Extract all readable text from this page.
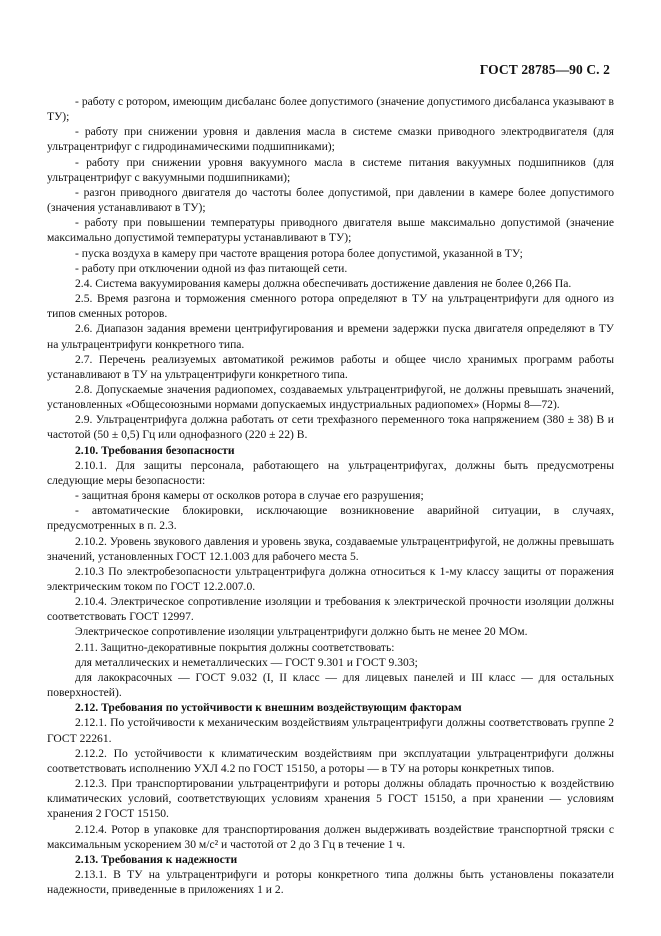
ГОСТ 28785—90 С. 2

- работу с ротором, имеющим дисбаланс более допустимого (значение допустимого дисбаланса указывают в ТУ);

- работу при снижении уровня и давления масла в системе смазки приводного электродвигателя (для ультрацентрифуг с гидродинамическими подшипниками);

- работу при снижении уровня вакуумного масла в системе питания вакуумных подшипников (для ультрацентрифуг с вакуумными подшипниками);

- разгон приводного двигателя до частоты более допустимой, при давлении в камере более допустимого (значения устанавливают в ТУ);

- работу при повышении температуры приводного двигателя выше максимально допустимой (значение максимально допустимой температуры устанавливают в ТУ);

- пуска воздуха в камеру при частоте вращения ротора более допустимой, указанной в ТУ;

- работу при отключении одной из фаз питающей сети.

2.4. Система вакуумирования камеры должна обеспечивать достижение давления не более 0,266 Па.

2.5. Время разгона и торможения сменного ротора определяют в ТУ на ультрацентрифуги для одного из типов сменных роторов.

2.6. Диапазон задания времени центрифугирования и времени задержки пуска двигателя определяют в ТУ на ультрацентрифуги конкретного типа.

2.7. Перечень реализуемых автоматикой режимов работы и общее число хранимых программ работы устанавливают в ТУ на ультрацентрифуги конкретного типа.

2.8. Допускаемые значения радиопомех, создаваемых ультрацентрифугой, не должны превышать значений, установленных «Общесоюзными нормами допускаемых индустриальных радиопомех» (Нормы 8—72).

2.9. Ультрацентрифуга должна работать от сети трехфазного переменного тока напряжением (380 ± 38) В и частотой (50 ± 0,5) Гц или однофазного (220 ± 22) В.

2.10. Требования безопасности

2.10.1. Для защиты персонала, работающего на ультрацентрифугах, должны быть предусмотрены следующие меры безопасности:

- защитная броня камеры от осколков ротора в случае его разрушения;

- автоматические блокировки, исключающие возникновение аварийной ситуации, в случаях, предусмотренных в п. 2.3.

2.10.2. Уровень звукового давления и уровень звука, создаваемые ультрацентрифугой, не должны превышать значений, установленных ГОСТ 12.1.003 для рабочего места 5.

2.10.3 По электробезопасности ультрацентрифуга должна относиться к 1-му классу защиты от поражения электрическим током по ГОСТ 12.2.007.0.

2.10.4. Электрическое сопротивление изоляции и требования к электрической прочности изоляции должны соответствовать ГОСТ 12997.

Электрическое сопротивление изоляции ультрацентрифуги должно быть не менее 20 МОм.

2.11. Защитно-декоративные покрытия должны соответствовать:

для металлических и неметаллических — ГОСТ 9.301 и ГОСТ 9.303;

для лакокрасочных — ГОСТ 9.032 (I, II класс — для лицевых панелей и III класс — для остальных поверхностей).

2.12. Требования по устойчивости к внешним воздействующим факторам

2.12.1. По устойчивости к механическим воздействиям ультрацентрифуги должны соответствовать группе 2 ГОСТ 22261.

2.12.2. По устойчивости к климатическим воздействиям при эксплуатации ультрацентрифуги должны соответствовать исполнению УХЛ 4.2 по ГОСТ 15150, а роторы — в ТУ на роторы конкретных типов.

2.12.3. При транспортировании ультрацентрифуги и роторы должны обладать прочностью к воздействию климатических условий, соответствующих условиям хранения 5 ГОСТ 15150, а при хранении — условиям хранения 2 ГОСТ 15150.

2.12.4. Ротор в упаковке для транспортирования должен выдерживать воздействие транспортной тряски с максимальным ускорением 30 м/с² и частотой от 2 до 3 Гц в течение 1 ч.

2.13. Требования к надежности

2.13.1. В ТУ на ультрацентрифуги и роторы конкретного типа должны быть установлены показатели надежности, приведенные в приложениях 1 и 2.
